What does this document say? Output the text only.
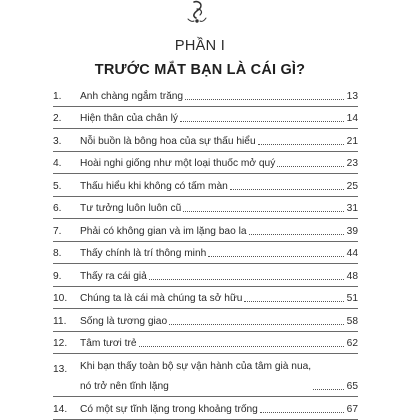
PHẦN I
TRƯỚC MẮT BẠN LÀ CÁI GÌ?
1.	Anh chàng ngắm trăng	13
2.	Hiện thân của chân lý	14
3.	Nỗi buồn là bông hoa của sự thấu hiểu	21
4.	Hoài nghi giống như một loại thuốc mở quý	23
5.	Thấu hiểu khi không có tấm màn	25
6.	Tư tưởng luôn luôn cũ	31
7.	Phải có không gian và im lặng bao la	39
8.	Thấy chính là trí thông minh	44
9.	Thấy ra cái giả	48
10.	Chúng ta là cái mà chúng ta sở hữu	51
11.	Sống là tương giao	58
12.	Tâm tươi trẻ	62
13.	Khi bạn thấy toàn bộ sự vận hành của tâm già nua,
nó trở nên tĩnh lặng	65
14.	Có một sự tĩnh lặng trong khoảng trống	67
